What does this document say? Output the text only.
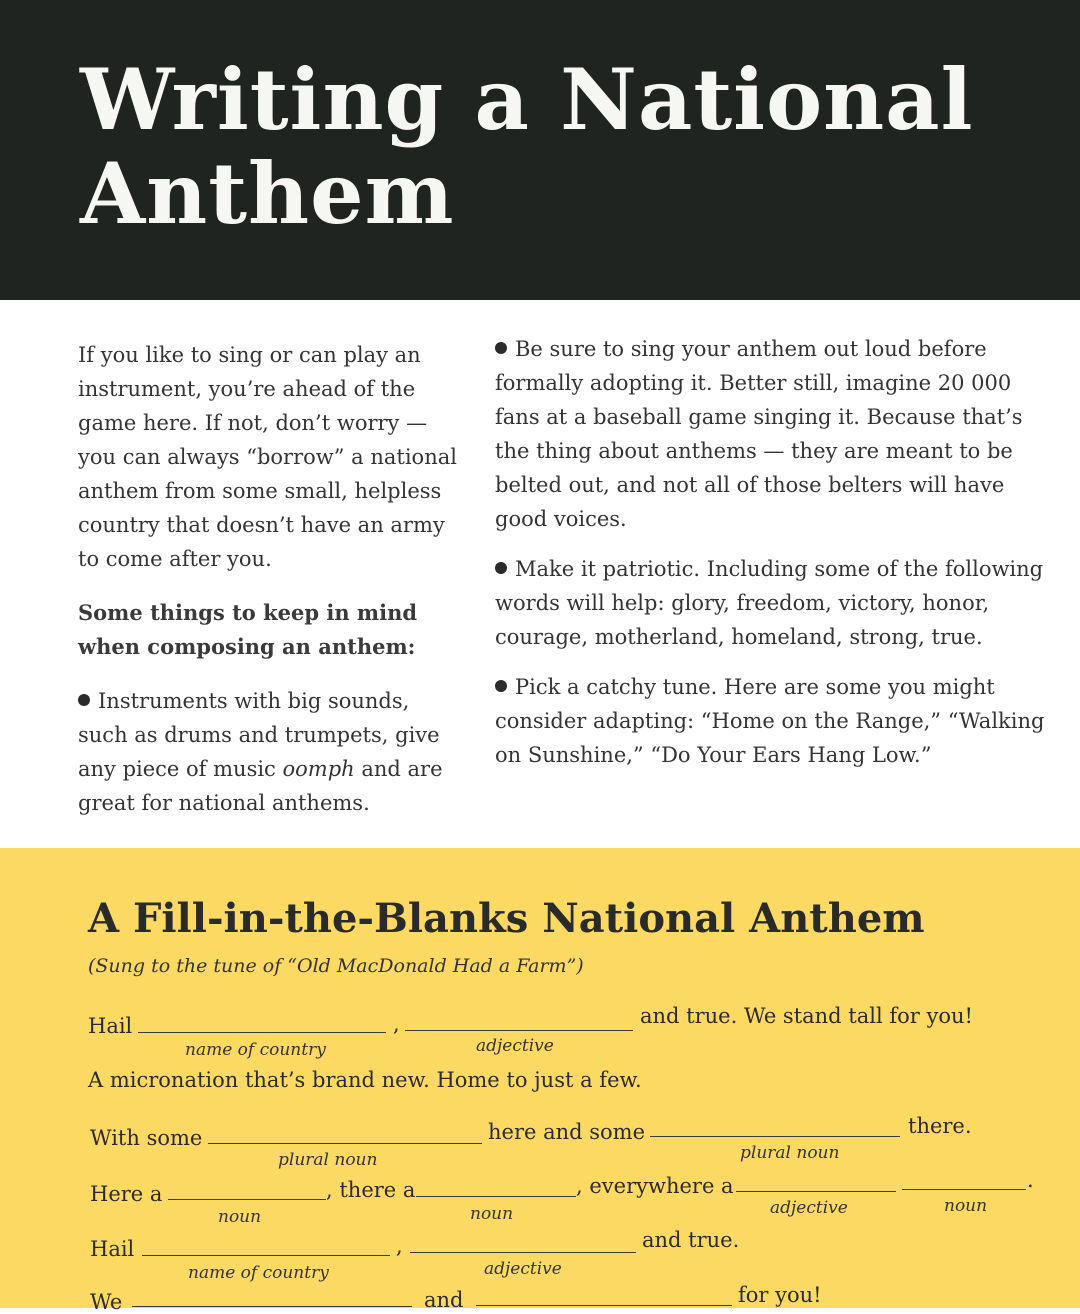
Writing a National
Anthem

If you like to sing or can play an instrument, you’re ahead of the game here. If not, don’t worry — you can always “borrow” a national anthem from some small, helpless country that doesn’t have an army to come after you.

Some things to keep in mind when composing an anthem:

Instruments with big sounds, such as drums and trumpets, give any piece of music oomph and are great for national anthems.

Be sure to sing your anthem out loud before formally adopting it. Better still, imagine 20 000 fans at a baseball game singing it. Because that’s the thing about anthems — they are meant to be belted out, and not all of those belters will have good voices.

Make it patriotic. Including some of the following words will help: glory, freedom, victory, honor, courage, motherland, homeland, strong, true.

Pick a catchy tune. Here are some you might consider adapting: “Home on the Range,” “Walking on Sunshine,” “Do Your Ears Hang Low.”

A Fill-in-the-Blanks National Anthem
(Sung to the tune of “Old MacDonald Had a Farm”)
Hail	,	and true. We stand tall for you!
name of country	adjective
A micronation that’s brand new. Home to just a few.
With some	here and some	there.
plural noun	plural noun
Here a	, there a	, everywhere a	.
noun	noun	adjective	noun
Hail	,	and true.
name of country	adjective
We	and	for you!
